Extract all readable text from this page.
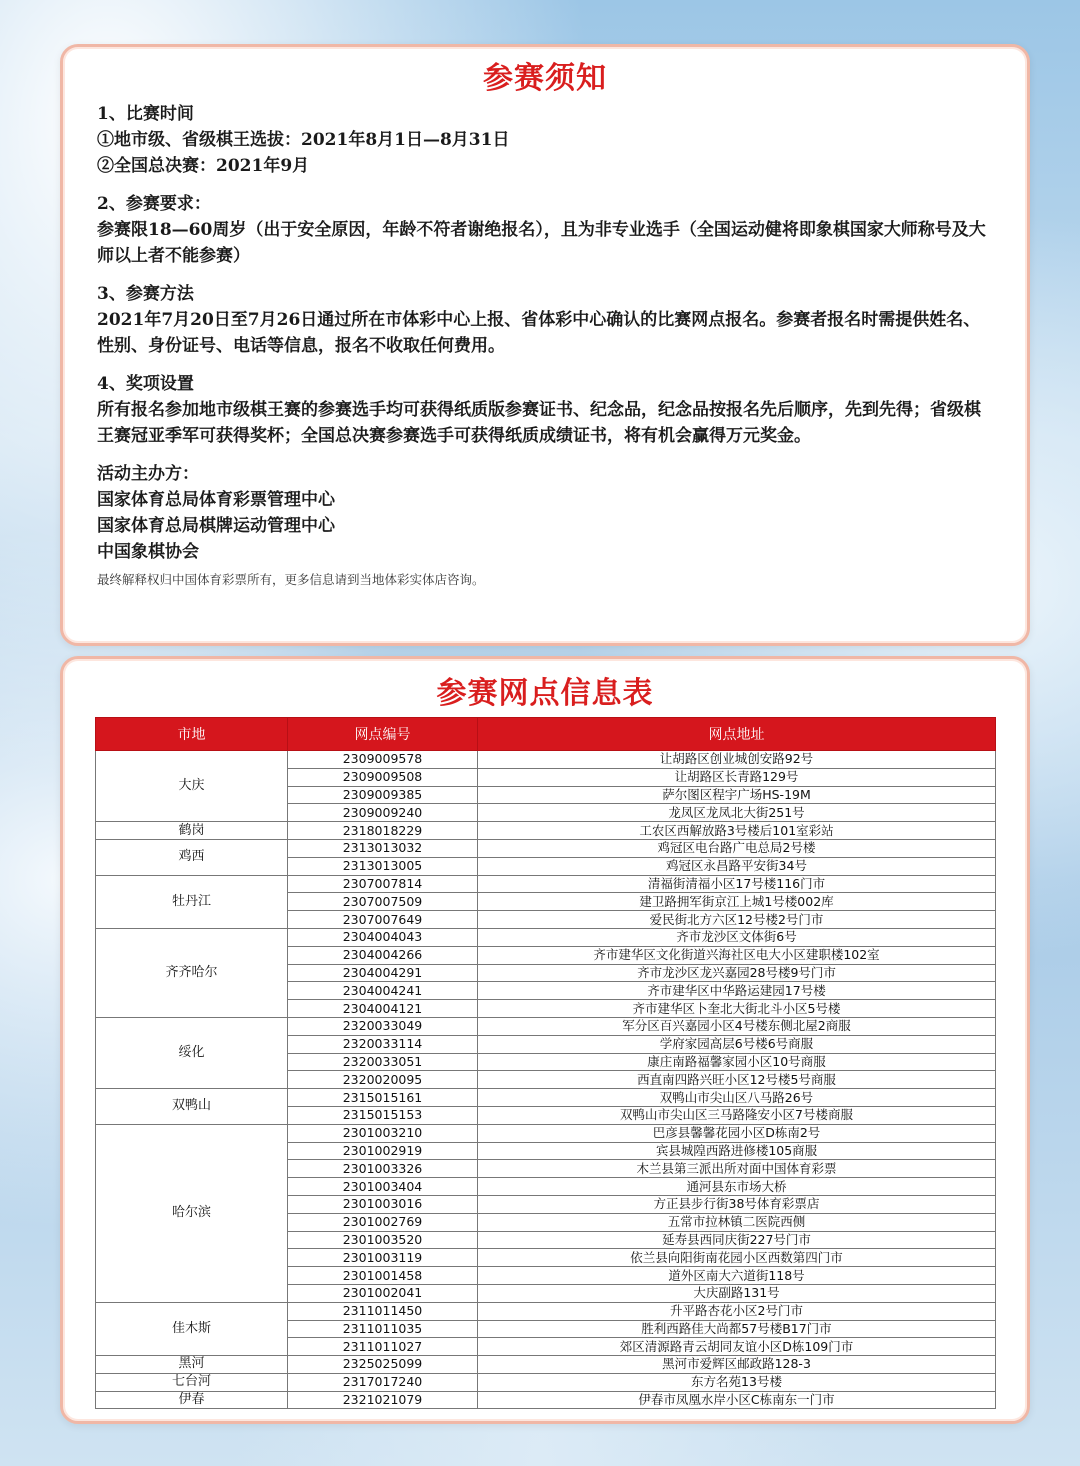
参赛须知

1、比赛时间

①地市级、省级棋王选拔：2021年8月1日—8月31日

②全国总决赛：2021年9月

2、参赛要求：

参赛限18—60周岁（出于安全原因，年龄不符者谢绝报名），且为非专业选手（全国运动健将即象棋国家大师称号及大师以上者不能参赛）

3、参赛方法

2021年7月20日至7月26日通过所在市体彩中心上报、省体彩中心确认的比赛网点报名。参赛者报名时需提供姓名、性别、身份证号、电话等信息，报名不收取任何费用。

4、奖项设置

所有报名参加地市级棋王赛的参赛选手均可获得纸质版参赛证书、纪念品，纪念品按报名先后顺序，先到先得；省级棋王赛冠亚季军可获得奖杯；全国总决赛参赛选手可获得纸质成绩证书，将有机会赢得万元奖金。

活动主办方：

国家体育总局体育彩票管理中心

国家体育总局棋牌运动管理中心

中国象棋协会

最终解释权归中国体育彩票所有，更多信息请到当地体彩实体店咨询。
参赛网点信息表
市地	网点编号	网点地址
大庆	2309009578	让胡路区创业城创安路92号
	2309009508	让胡路区长青路129号
	2309009385	萨尔图区程宇广场HS-19M
	2309009240	龙凤区龙凤北大街251号
鹤岗	2318018229	工农区西解放路3号楼后101室彩站
鸡西	2313013032	鸡冠区电台路广电总局2号楼
	2313013005	鸡冠区永昌路平安街34号
牡丹江	2307007814	清福街清福小区17号楼116门市
	2307007509	建卫路拥军街京江上城1号楼002库
	2307007649	爱民街北方六区12号楼2号门市
齐齐哈尔	2304004043	齐市龙沙区文体街6号
	2304004266	齐市建华区文化街道兴海社区电大小区建职楼102室
	2304004291	齐市龙沙区龙兴嘉园28号楼9号门市
	2304004241	齐市建华区中华路运建园17号楼
	2304004121	齐市建华区卜奎北大街北斗小区5号楼
绥化	2320033049	军分区百兴嘉园小区4号楼东侧北屋2商服
	2320033114	学府家园高层6号楼6号商服
	2320033051	康庄南路福馨家园小区10号商服
	2320020095	西直南四路兴旺小区12号楼5号商服
双鸭山	2315015161	双鸭山市尖山区八马路26号
	2315015153	双鸭山市尖山区三马路隆安小区7号楼商服
哈尔滨	2301003210	巴彦县馨馨花园小区D栋南2号
	2301002919	宾县城隍西路进修楼105商服
	2301003326	木兰县第三派出所对面中国体育彩票
	2301003404	通河县东市场大桥
	2301003016	方正县步行街38号体育彩票店
	2301002769	五常市拉林镇二医院西侧
	2301003520	延寿县西同庆街227号门市
	2301003119	依兰县向阳街南花园小区西数第四门市
	2301001458	道外区南大六道街118号
	2301002041	大庆副路131号
佳木斯	2311011450	升平路杏花小区2号门市
	2311011035	胜利西路佳大尚都57号楼B17门市
	2311011027	郊区清源路青云胡同友谊小区D栋109门市
黑河	2325025099	黑河市爱辉区邮政路128-3
七台河	2317017240	东方名苑13号楼
伊春	2321021079	伊春市凤凰水岸小区C栋南东一门市
